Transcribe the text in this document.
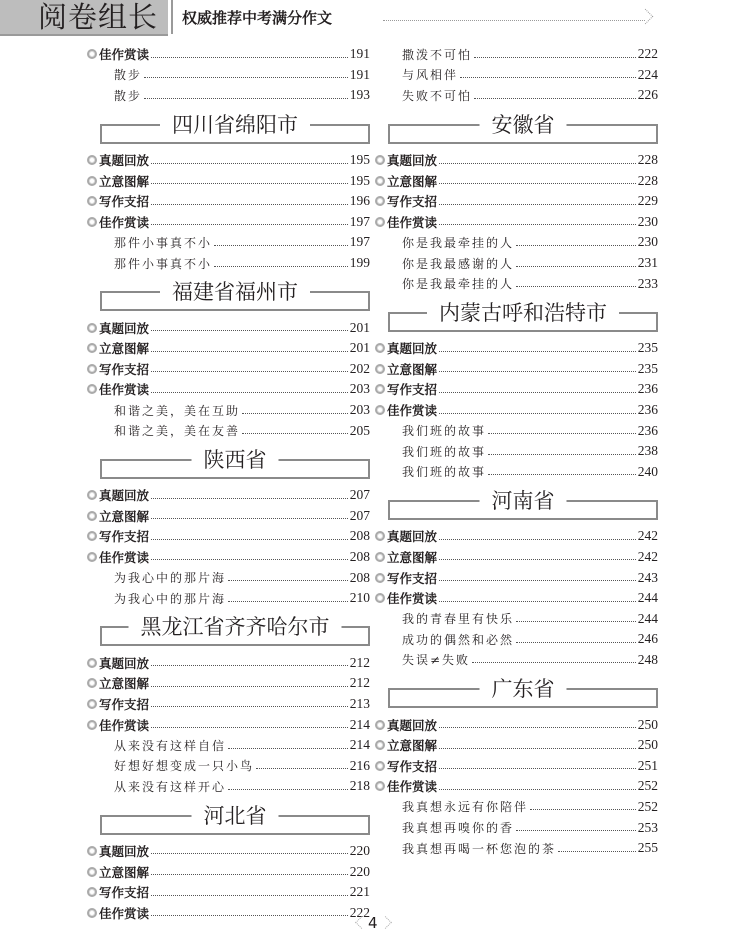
阅卷组长 权威推荐中考满分作文
佳作赏读	191
散步	191
散步	193
四川省绵阳市
真题回放	195
立意图解	195
写作支招	196
佳作赏读	197
那件小事真不小	197
那件小事真不小	199
福建省福州市
真题回放	201
立意图解	201
写作支招	202
佳作赏读	203
和谐之美，美在互助	203
和谐之美，美在友善	205
陕西省
真题回放	207
立意图解	207
写作支招	208
佳作赏读	208
为我心中的那片海	208
为我心中的那片海	210
黑龙江省齐齐哈尔市
真题回放	212
立意图解	212
写作支招	213
佳作赏读	214
从来没有这样自信	214
好想好想变成一只小鸟	216
从来没有这样开心	218
河北省
真题回放	220
立意图解	220
写作支招	221
佳作赏读	222
撒泼不可怕	222
与风相伴	224
失败不可怕	226
安徽省
真题回放	228
立意图解	228
写作支招	229
佳作赏读	230
你是我最牵挂的人	230
你是我最感谢的人	231
你是我最牵挂的人	233
内蒙古呼和浩特市
真题回放	235
立意图解	235
写作支招	236
佳作赏读	236
我们班的故事	236
我们班的故事	238
我们班的故事	240
河南省
真题回放	242
立意图解	242
写作支招	243
佳作赏读	244
我的青春里有快乐	244
成功的偶然和必然	246
失误≠失败	248
广东省
真题回放	250
立意图解	250
写作支招	251
佳作赏读	252
我真想永远有你陪伴	252
我真想再嗅你的香	253
我真想再喝一杯您泡的茶	255
4
